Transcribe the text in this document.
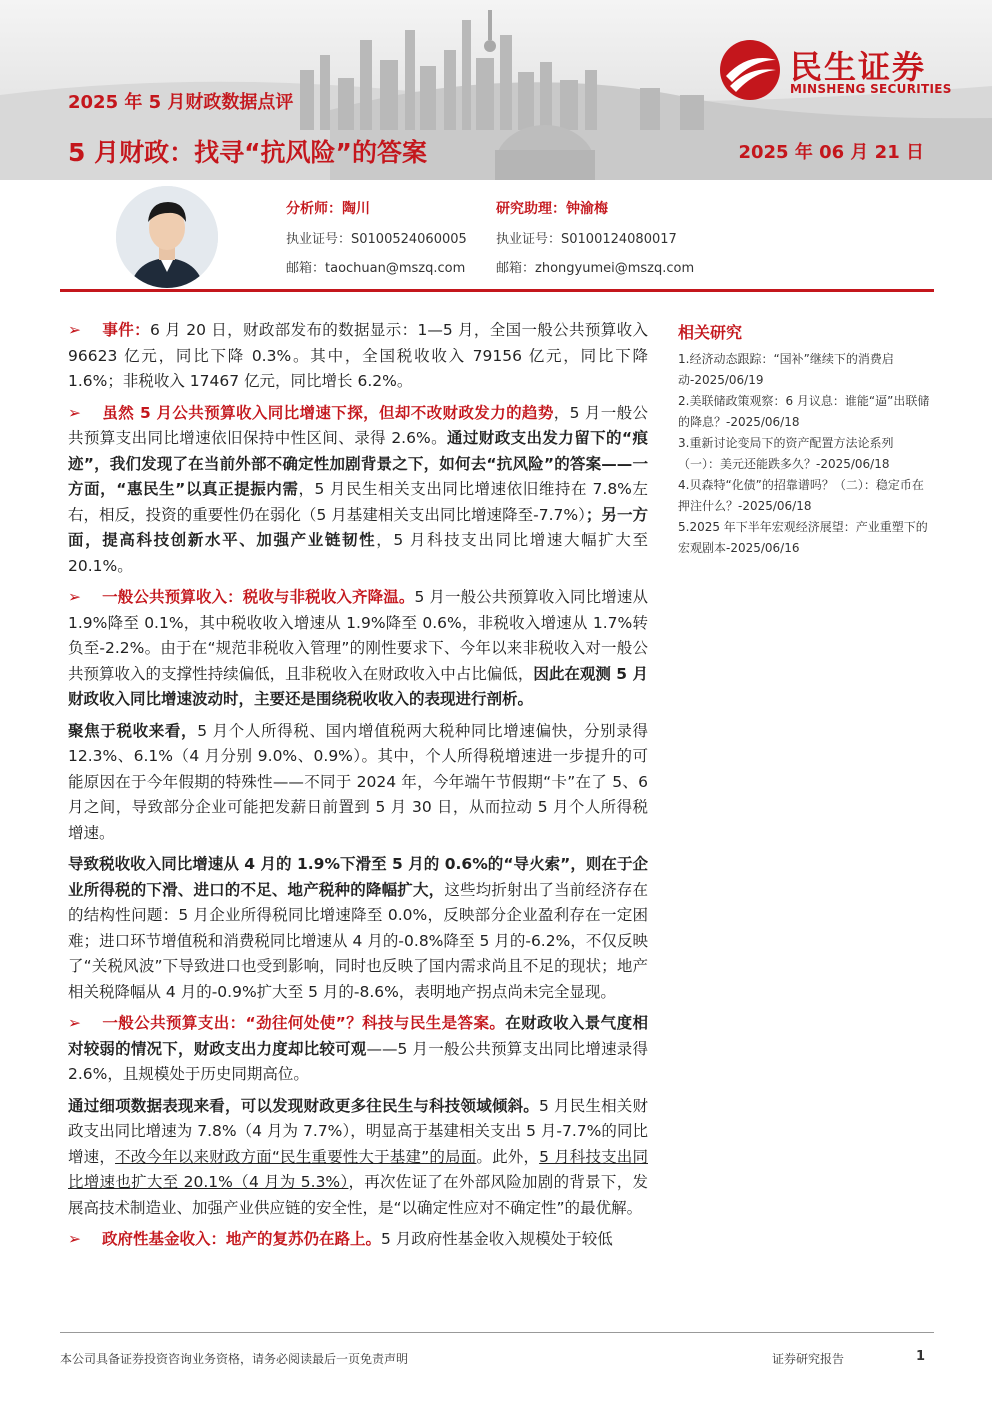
2025 年 5 月财政数据点评
5 月财政：找寻“抗风险”的答案	2025 年 06 月 21 日
民生证券
MINSHENG SECURITIES
分析师：陶川
执业证号：S0100524060005
邮箱：taochuan@mszq.com
研究助理：钟渝梅
执业证号：S0100124080017
邮箱：zhongyumei@mszq.com

➢ 事件：6 月 20 日，财政部发布的数据显示：1—5 月，全国一般公共预算收入 96623 亿元，同比下降 0.3%。其中，全国税收收入 79156 亿元，同比下降 1.6%；非税收入 17467 亿元，同比增长 6.2%。

➢ 虽然 5 月公共预算收入同比增速下探，但却不改财政发力的趋势，5 月一般公共预算支出同比增速依旧保持中性区间、录得 2.6%。通过财政支出发力留下的“痕迹”，我们发现了在当前外部不确定性加剧背景之下，如何去“抗风险”的答案——一方面，“惠民生”以真正提振内需，5 月民生相关支出同比增速依旧维持在 7.8%左右，相反，投资的重要性仍在弱化（5 月基建相关支出同比增速降至-7.7%）；另一方面，提高科技创新水平、加强产业链韧性，5 月科技支出同比增速大幅扩大至 20.1%。

➢ 一般公共预算收入：税收与非税收入齐降温。5 月一般公共预算收入同比增速从 1.9%降至 0.1%，其中税收收入增速从 1.9%降至 0.6%，非税收入增速从 1.7%转负至-2.2%。由于在“规范非税收入管理”的刚性要求下、今年以来非税收入对一般公共预算收入的支撑性持续偏低，且非税收入在财政收入中占比偏低，因此在观测 5 月财政收入同比增速波动时，主要还是围绕税收收入的表现进行剖析。

聚焦于税收来看，5 月个人所得税、国内增值税两大税种同比增速偏快，分别录得 12.3%、6.1%（4 月分别 9.0%、0.9%）。其中，个人所得税增速进一步提升的可能原因在于今年假期的特殊性——不同于 2024 年，今年端午节假期“卡”在了 5、6 月之间，导致部分企业可能把发薪日前置到 5 月 30 日，从而拉动 5 月个人所得税增速。

导致税收收入同比增速从 4 月的 1.9%下滑至 5 月的 0.6%的“导火索”，则在于企业所得税的下滑、进口的不足、地产税种的降幅扩大，这些均折射出了当前经济存在的结构性问题：5 月企业所得税同比增速降至 0.0%，反映部分企业盈利存在一定困难；进口环节增值税和消费税同比增速从 4 月的-0.8%降至 5 月的-6.2%，不仅反映了“关税风波”下导致进口也受到影响，同时也反映了国内需求尚且不足的现状；地产相关税降幅从 4 月的-0.9%扩大至 5 月的-8.6%，表明地产拐点尚未完全显现。

➢ 一般公共预算支出：“劲往何处使”？科技与民生是答案。在财政收入景气度相对较弱的情况下，财政支出力度却比较可观——5 月一般公共预算支出同比增速录得 2.6%，且规模处于历史同期高位。

通过细项数据表现来看，可以发现财政更多往民生与科技领域倾斜。5 月民生相关财政支出同比增速为 7.8%（4 月为 7.7%），明显高于基建相关支出 5 月-7.7%的同比增速，不改今年以来财政方面“民生重要性大于基建”的局面。此外，5 月科技支出同比增速也扩大至 20.1%（4 月为 5.3%），再次佐证了在外部风险加剧的背景下，发展高技术制造业、加强产业供应链的安全性，是“以确定性应对不确定性”的最优解。

➢ 政府性基金收入：地产的复苏仍在路上。5 月政府性基金收入规模处于较低

相关研究
1.经济动态跟踪：“国补”继续下的消费启动-2025/06/19
2.美联储政策观察：6 月议息：谁能“逼”出联储的降息？-2025/06/18
3.重新讨论变局下的资产配置方法论系列（一）：美元还能跌多久？-2025/06/18
4.贝森特“化债”的招靠谱吗？（二）：稳定币在押注什么？-2025/06/18
5.2025 年下半年宏观经济展望：产业重塑下的宏观剧本-2025/06/16
本公司具备证券投资咨询业务资格，请务必阅读最后一页免责声明	证券研究报告	1
